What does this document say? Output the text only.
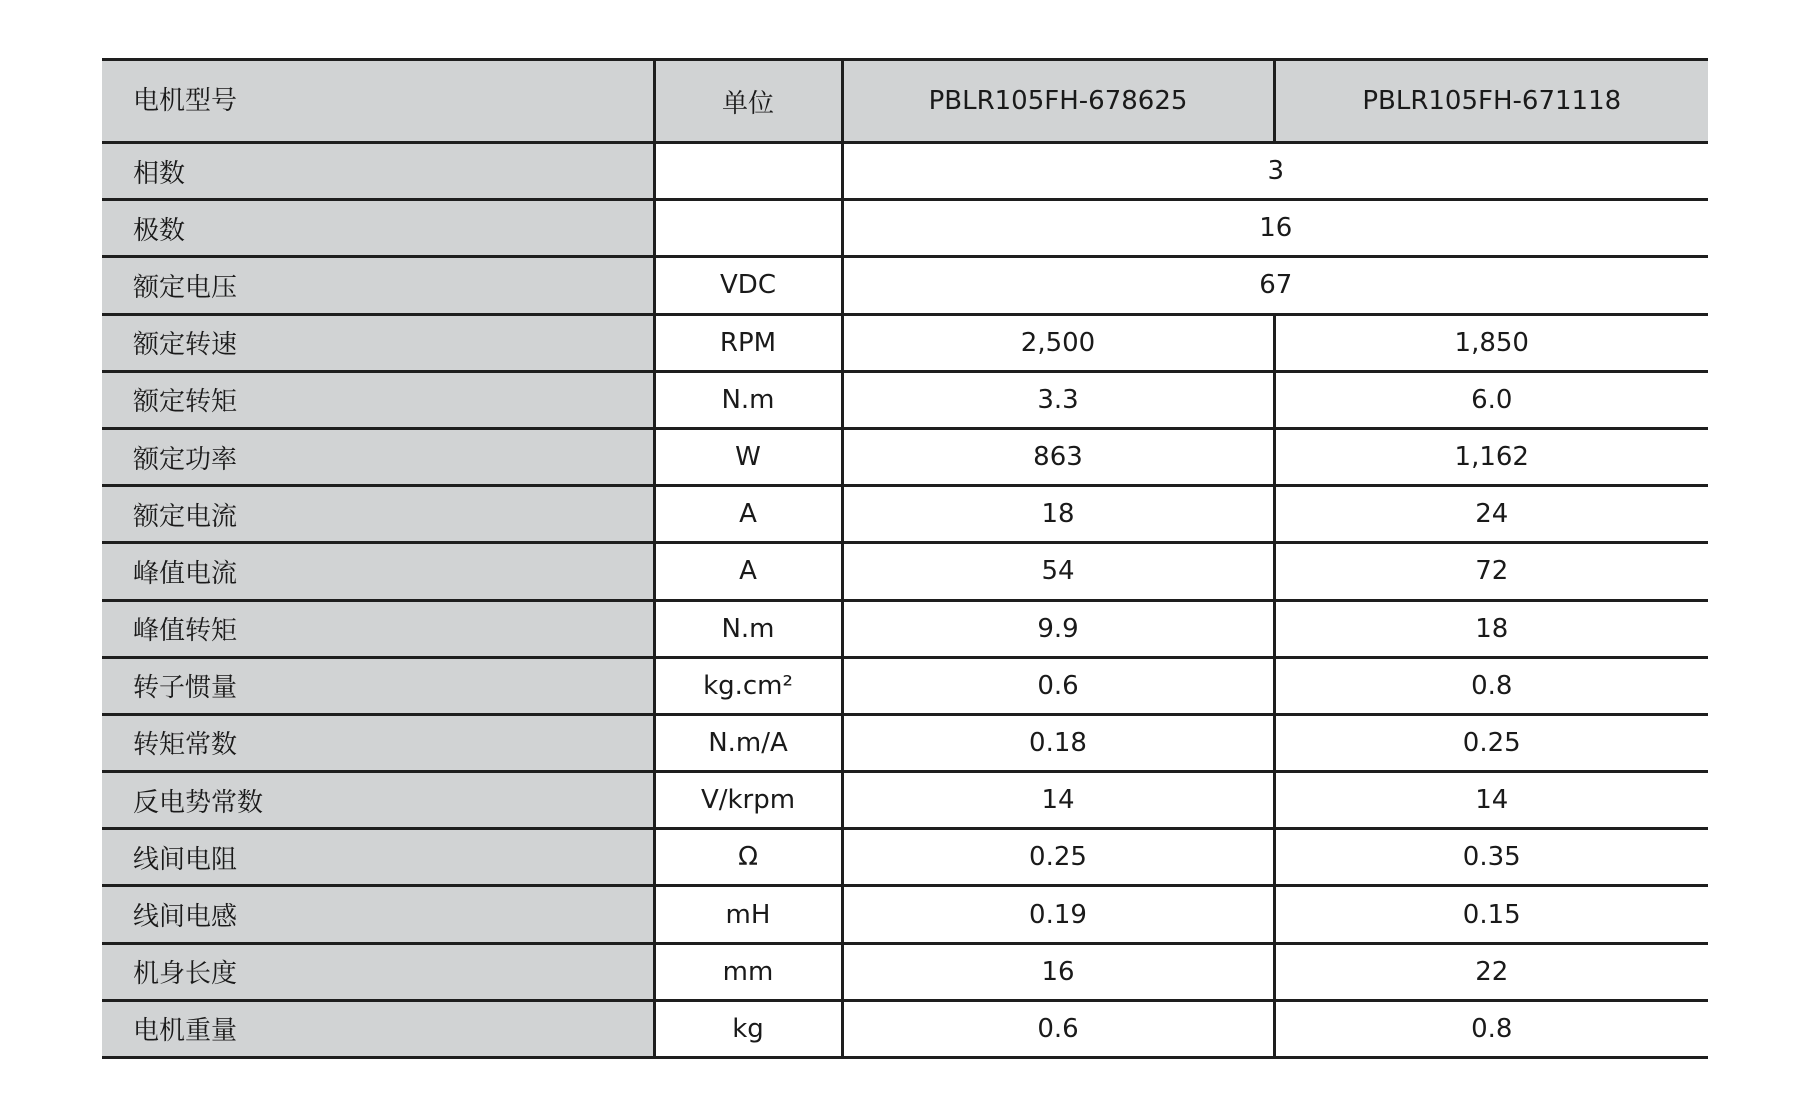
电机型号	单位	PBLR105FH-678625	PBLR105FH-671118
相数		3	
极数		16	
额定电压	VDC	67	
额定转速	RPM	2,500	1,850
额定转矩	N.m	3.3	6.0
额定功率	W	863	1,162
额定电流	A	18	24
峰值电流	A	54	72
峰值转矩	N.m	9.9	18
转子惯量	kg.cm²	0.6	0.8
转矩常数	N.m/A	0.18	0.25
反电势常数	V/krpm	14	14
线间电阻	Ω	0.25	0.35
线间电感	mH	0.19	0.15
机身长度	mm	16	22
电机重量	kg	0.6	0.8
